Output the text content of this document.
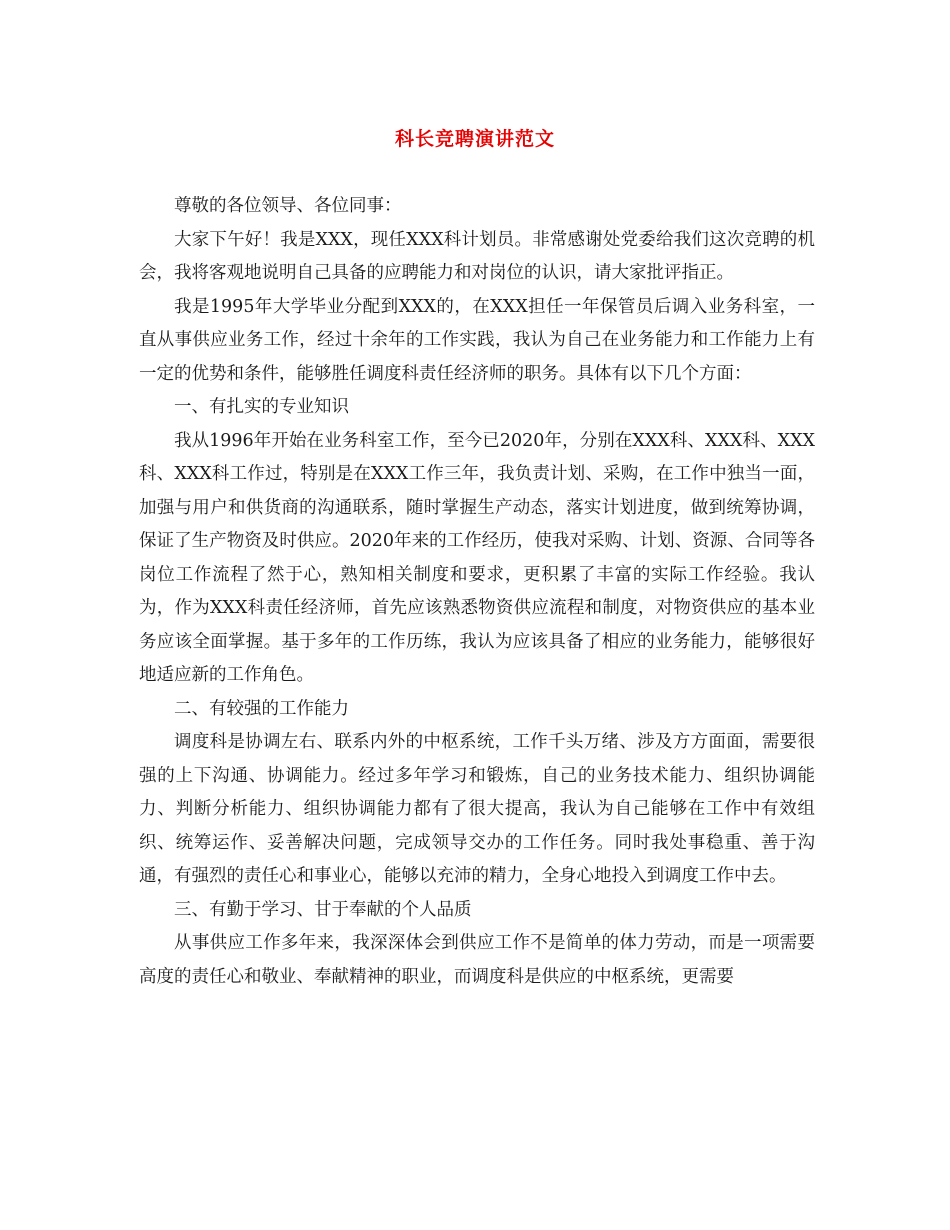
科长竞聘演讲范文

尊敬的各位领导、各位同事：

大家下午好！我是XXX，现任XXX科计划员。非常感谢处党委给我们这次竞聘的机会，我将客观地说明自己具备的应聘能力和对岗位的认识，请大家批评指正。

我是1995年大学毕业分配到XXX的，在XXX担任一年保管员后调入业务科室，一直从事供应业务工作，经过十余年的工作实践，我认为自己在业务能力和工作能力上有一定的优势和条件，能够胜任调度科责任经济师的职务。具体有以下几个方面：

一、有扎实的专业知识

我从1996年开始在业务科室工作，至今已2020年，分别在XXX科、XXX科、XXX科、XXX科工作过，特别是在XXX工作三年，我负责计划、采购，在工作中独当一面，加强与用户和供货商的沟通联系，随时掌握生产动态，落实计划进度，做到统筹协调，保证了生产物资及时供应。2020年来的工作经历，使我对采购、计划、资源、合同等各岗位工作流程了然于心，熟知相关制度和要求，更积累了丰富的实际工作经验。我认为，作为XXX科责任经济师，首先应该熟悉物资供应流程和制度，对物资供应的基本业务应该全面掌握。基于多年的工作历练，我认为应该具备了相应的业务能力，能够很好地适应新的工作角色。

二、有较强的工作能力

调度科是协调左右、联系内外的中枢系统，工作千头万绪、涉及方方面面，需要很强的上下沟通、协调能力。经过多年学习和锻炼，自己的业务技术能力、组织协调能力、判断分析能力、组织协调能力都有了很大提高，我认为自己能够在工作中有效组织、统筹运作、妥善解决问题，完成领导交办的工作任务。同时我处事稳重、善于沟通，有强烈的责任心和事业心，能够以充沛的精力，全身心地投入到调度工作中去。

三、有勤于学习、甘于奉献的个人品质

从事供应工作多年来，我深深体会到供应工作不是简单的体力劳动，而是一项需要高度的责任心和敬业、奉献精神的职业，而调度科是供应的中枢系统，更需要
